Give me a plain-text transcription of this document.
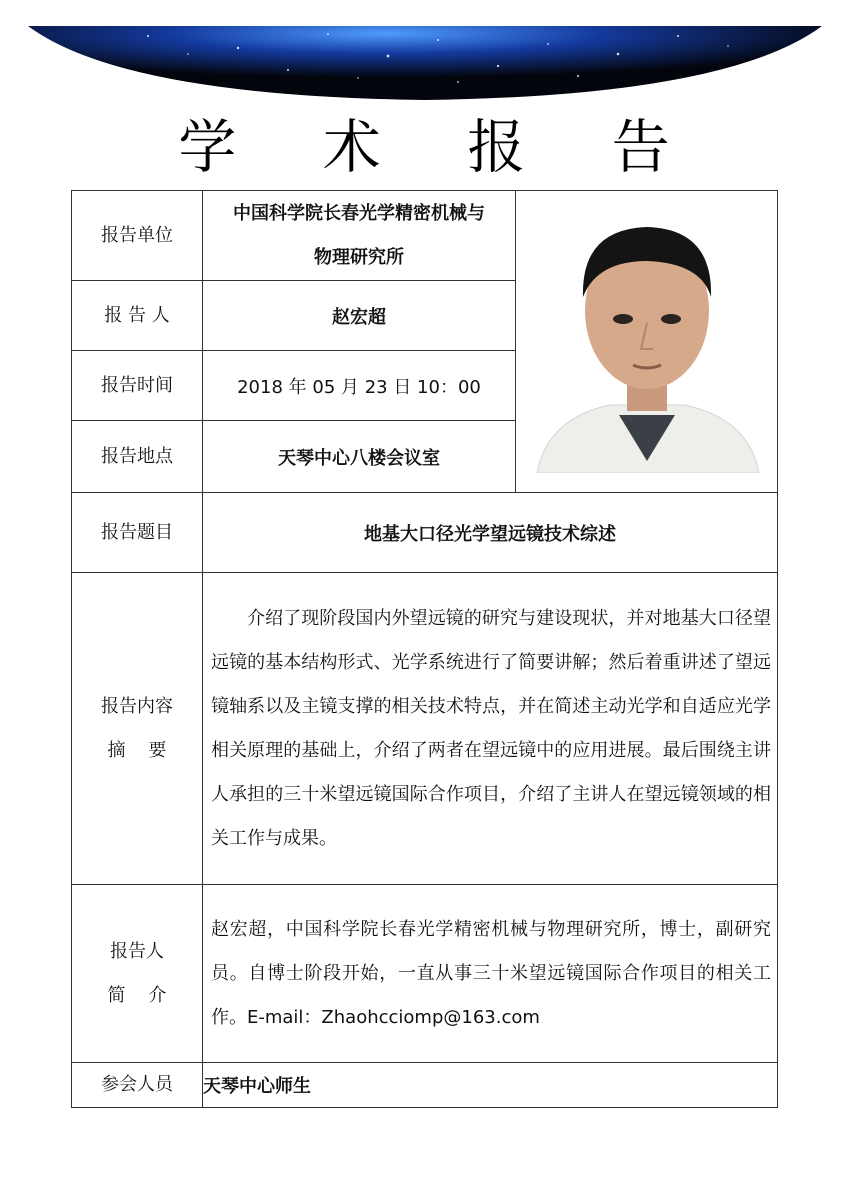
学 术 报 告
报告单位	中国科学院长春光学精密机械与
物理研究所

报 告 人	赵宏超	
报告时间	2018 年 05 月 23 日 10：00	
报告地点	天琴中心八楼会议室	
报告题目	地基大口径光学望远镜技术综述	

报告内容
摘    要	介绍了现阶段国内外望远镜的研究与建设现状，并对地基大口径望远镜的基本结构形式、光学系统进行了简要讲解；然后着重讲述了望远镜轴系以及主镜支撑的相关技术特点，并在简述主动光学和自适应光学相关原理的基础上，介绍了两者在望远镜中的应用进展。最后围绕主讲人承担的三十米望远镜国际合作项目，介绍了主讲人在望远镜领域的相关工作与成果。	

报告人
简    介	赵宏超，中国科学院长春光学精密机械与物理研究所，博士，副研究员。自博士阶段开始，一直从事三十米望远镜国际合作项目的相关工作。E-mail：Zhaohcciomp@163.com	

参会人员	天琴中心师生	
